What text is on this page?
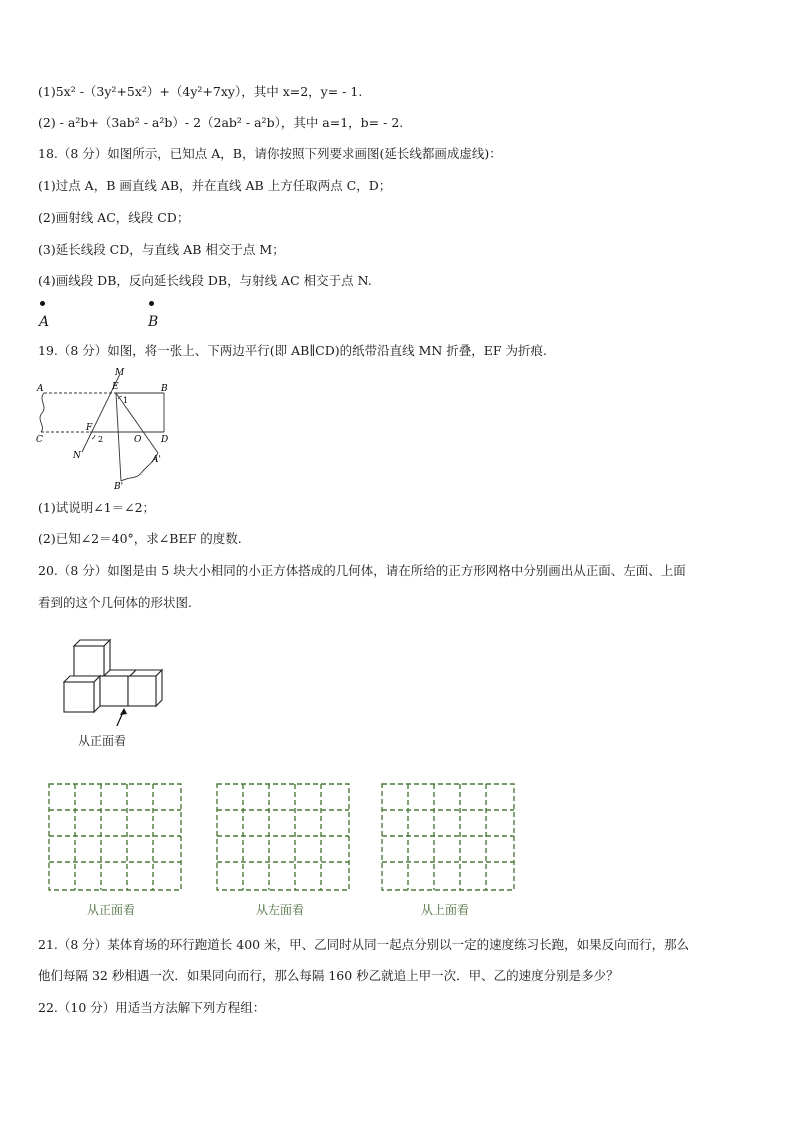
(1)5x² -（3y²+5x²）+（4y²+7xy），其中 x=2，y= - 1.
(2) - a²b+（3ab² - a²b）- 2（2ab² - a²b），其中 a=1，b= - 2.
18.（8 分）如图所示，已知点 A，B，请你按照下列要求画图(延长线都画成虚线)：
(1)过点 A，B 画直线 AB，并在直线 AB 上方任取两点 C，D；
(2)画射线 AC，线段 CD；
(3)延长线段 CD，与直线 AB 相交于点 M；
(4)画线段 DB，反向延长线段 DB，与射线 AC 相交于点 N.
A	B
19.（8 分）如图，将一张上、下两边平行(即 AB∥CD)的纸带沿直线 MN 折叠，EF 为折痕.
A	B
C	D
E
F
M
N
O
A'
B'
1
2
(1)试说明∠1＝∠2；
(2)已知∠2＝40°，求∠BEF 的度数.
20.（8 分）如图是由 5 块大小相同的小正方体搭成的几何体，请在所给的正方形网格中分别画出从正面、左面、上面
看到的这个几何体的形状图.
从正面看
从正面看	从左面看	从上面看
21.（8 分）某体育场的环行跑道长 400 米，甲、乙同时从同一起点分别以一定的速度练习长跑，如果反向而行，那么
他们每隔 32 秒相遇一次．如果同向而行，那么每隔 160 秒乙就追上甲一次．甲、乙的速度分别是多少？
22.（10 分）用适当方法解下列方程组：
